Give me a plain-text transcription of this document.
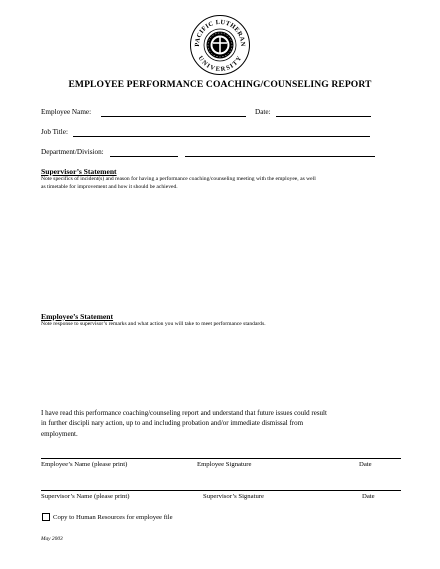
PACIFIC LUTHERAN
UNIVERSITY
EMPLOYEE PERFORMANCE COACHING/COUNSELING REPORT
Employee Name:	Date:
Job Title:
Department/Division:
Supervisor’s Statement
Note specifics of incident(s) and reason for having a performance coaching/counseling meeting with the employee, as well
as timetable for improvement and how it should be achieved.
Employee’s Statement
Note response to supervisor’s remarks and what action you will take to meet performance standards.
I have read this performance coaching/counseling report and understand that future issues could result
in further discipli nary action, up to and including probation and/or immediate dismissal from
employment.
Employee’s Name (please print)	Employee Signature	Date
Supervisor’s Name (please print)	Supervisor’s Signature	Date
Copy to Human Resources for employee file
May 2003
